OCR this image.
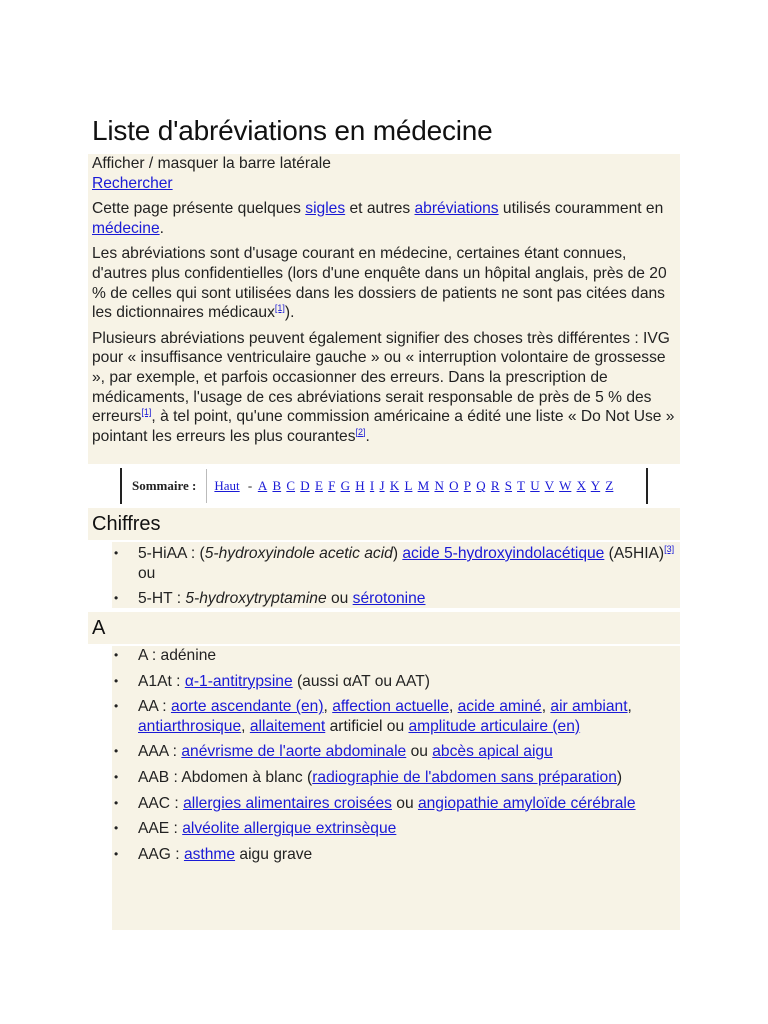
Liste d'abréviations en médecine

Afficher / masquer la barre latérale

Rechercher

Cette page présente quelques sigles et autres abréviations utilisés couramment en médecine.

Les abréviations sont d'usage courant en médecine, certaines étant connues, d'autres plus confidentielles (lors d'une enquête dans un hôpital anglais, près de 20 % de celles qui sont utilisées dans les dossiers de patients ne sont pas citées dans les dictionnaires médicaux[1]).

Plusieurs abréviations peuvent également signifier des choses très différentes : IVG pour « insuffisance ventriculaire gauche » ou « interruption volontaire de grossesse », par exemple, et parfois occasionner des erreurs. Dans la prescription de médicaments, l'usage de ces abréviations serait responsable de près de 5 % des erreurs[1], à tel point, qu'une commission américaine a édité une liste « Do Not Use » pointant les erreurs les plus courantes[2].

Sommaire :	Haut - A B C D E F G H I J K L M N O P Q R S T U V W X Y Z
Chiffres
• 5-HiAA : (5-hydroxyindole acetic acid) acide 5-hydroxyindolacétique (A5HIA)[3] ou
• 5-HT : 5-hydroxytryptamine ou sérotonine
A
• A : adénine
• A1At : α-1-antitrypsine (aussi αAT ou AAT)
• AA : aorte ascendante (en), affection actuelle, acide aminé, air ambiant, antiarthrosique, allaitement artificiel ou amplitude articulaire (en)
• AAA : anévrisme de l'aorte abdominale ou abcès apical aigu
• AAB : Abdomen à blanc (radiographie de l'abdomen sans préparation)
• AAC : allergies alimentaires croisées ou angiopathie amyloïde cérébrale
• AAE : alvéolite allergique extrinsèque
• AAG : asthme aigu grave
